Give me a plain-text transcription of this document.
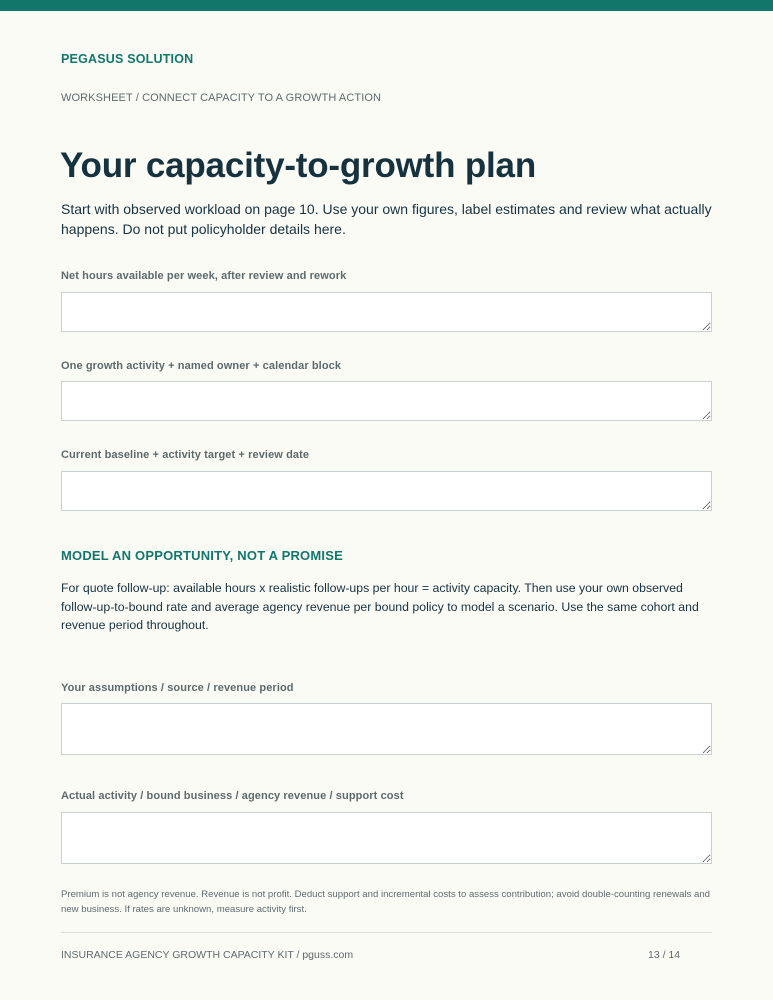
PEGASUS SOLUTION
WORKSHEET / CONNECT CAPACITY TO A GROWTH ACTION
Your capacity-to-growth plan

Start with observed workload on page 10. Use your own figures, label estimates and review what actually happens. Do not put policyholder details here.

Net hours available per week, after review and rework
One growth activity + named owner + calendar block
Current baseline + activity target + review date
MODEL AN OPPORTUNITY, NOT A PROMISE

For quote follow-up: available hours x realistic follow-ups per hour = activity capacity. Then use your own observed follow-up-to-bound rate and average agency revenue per bound policy to model a scenario. Use the same cohort and revenue period throughout.

Your assumptions / source / revenue period
Actual activity / bound business / agency revenue / support cost

Premium is not agency revenue. Revenue is not profit. Deduct support and incremental costs to assess contribution; avoid double-counting renewals and new business. If rates are unknown, measure activity first.

INSURANCE AGENCY GROWTH CAPACITY KIT / pguss.com	13 / 14
